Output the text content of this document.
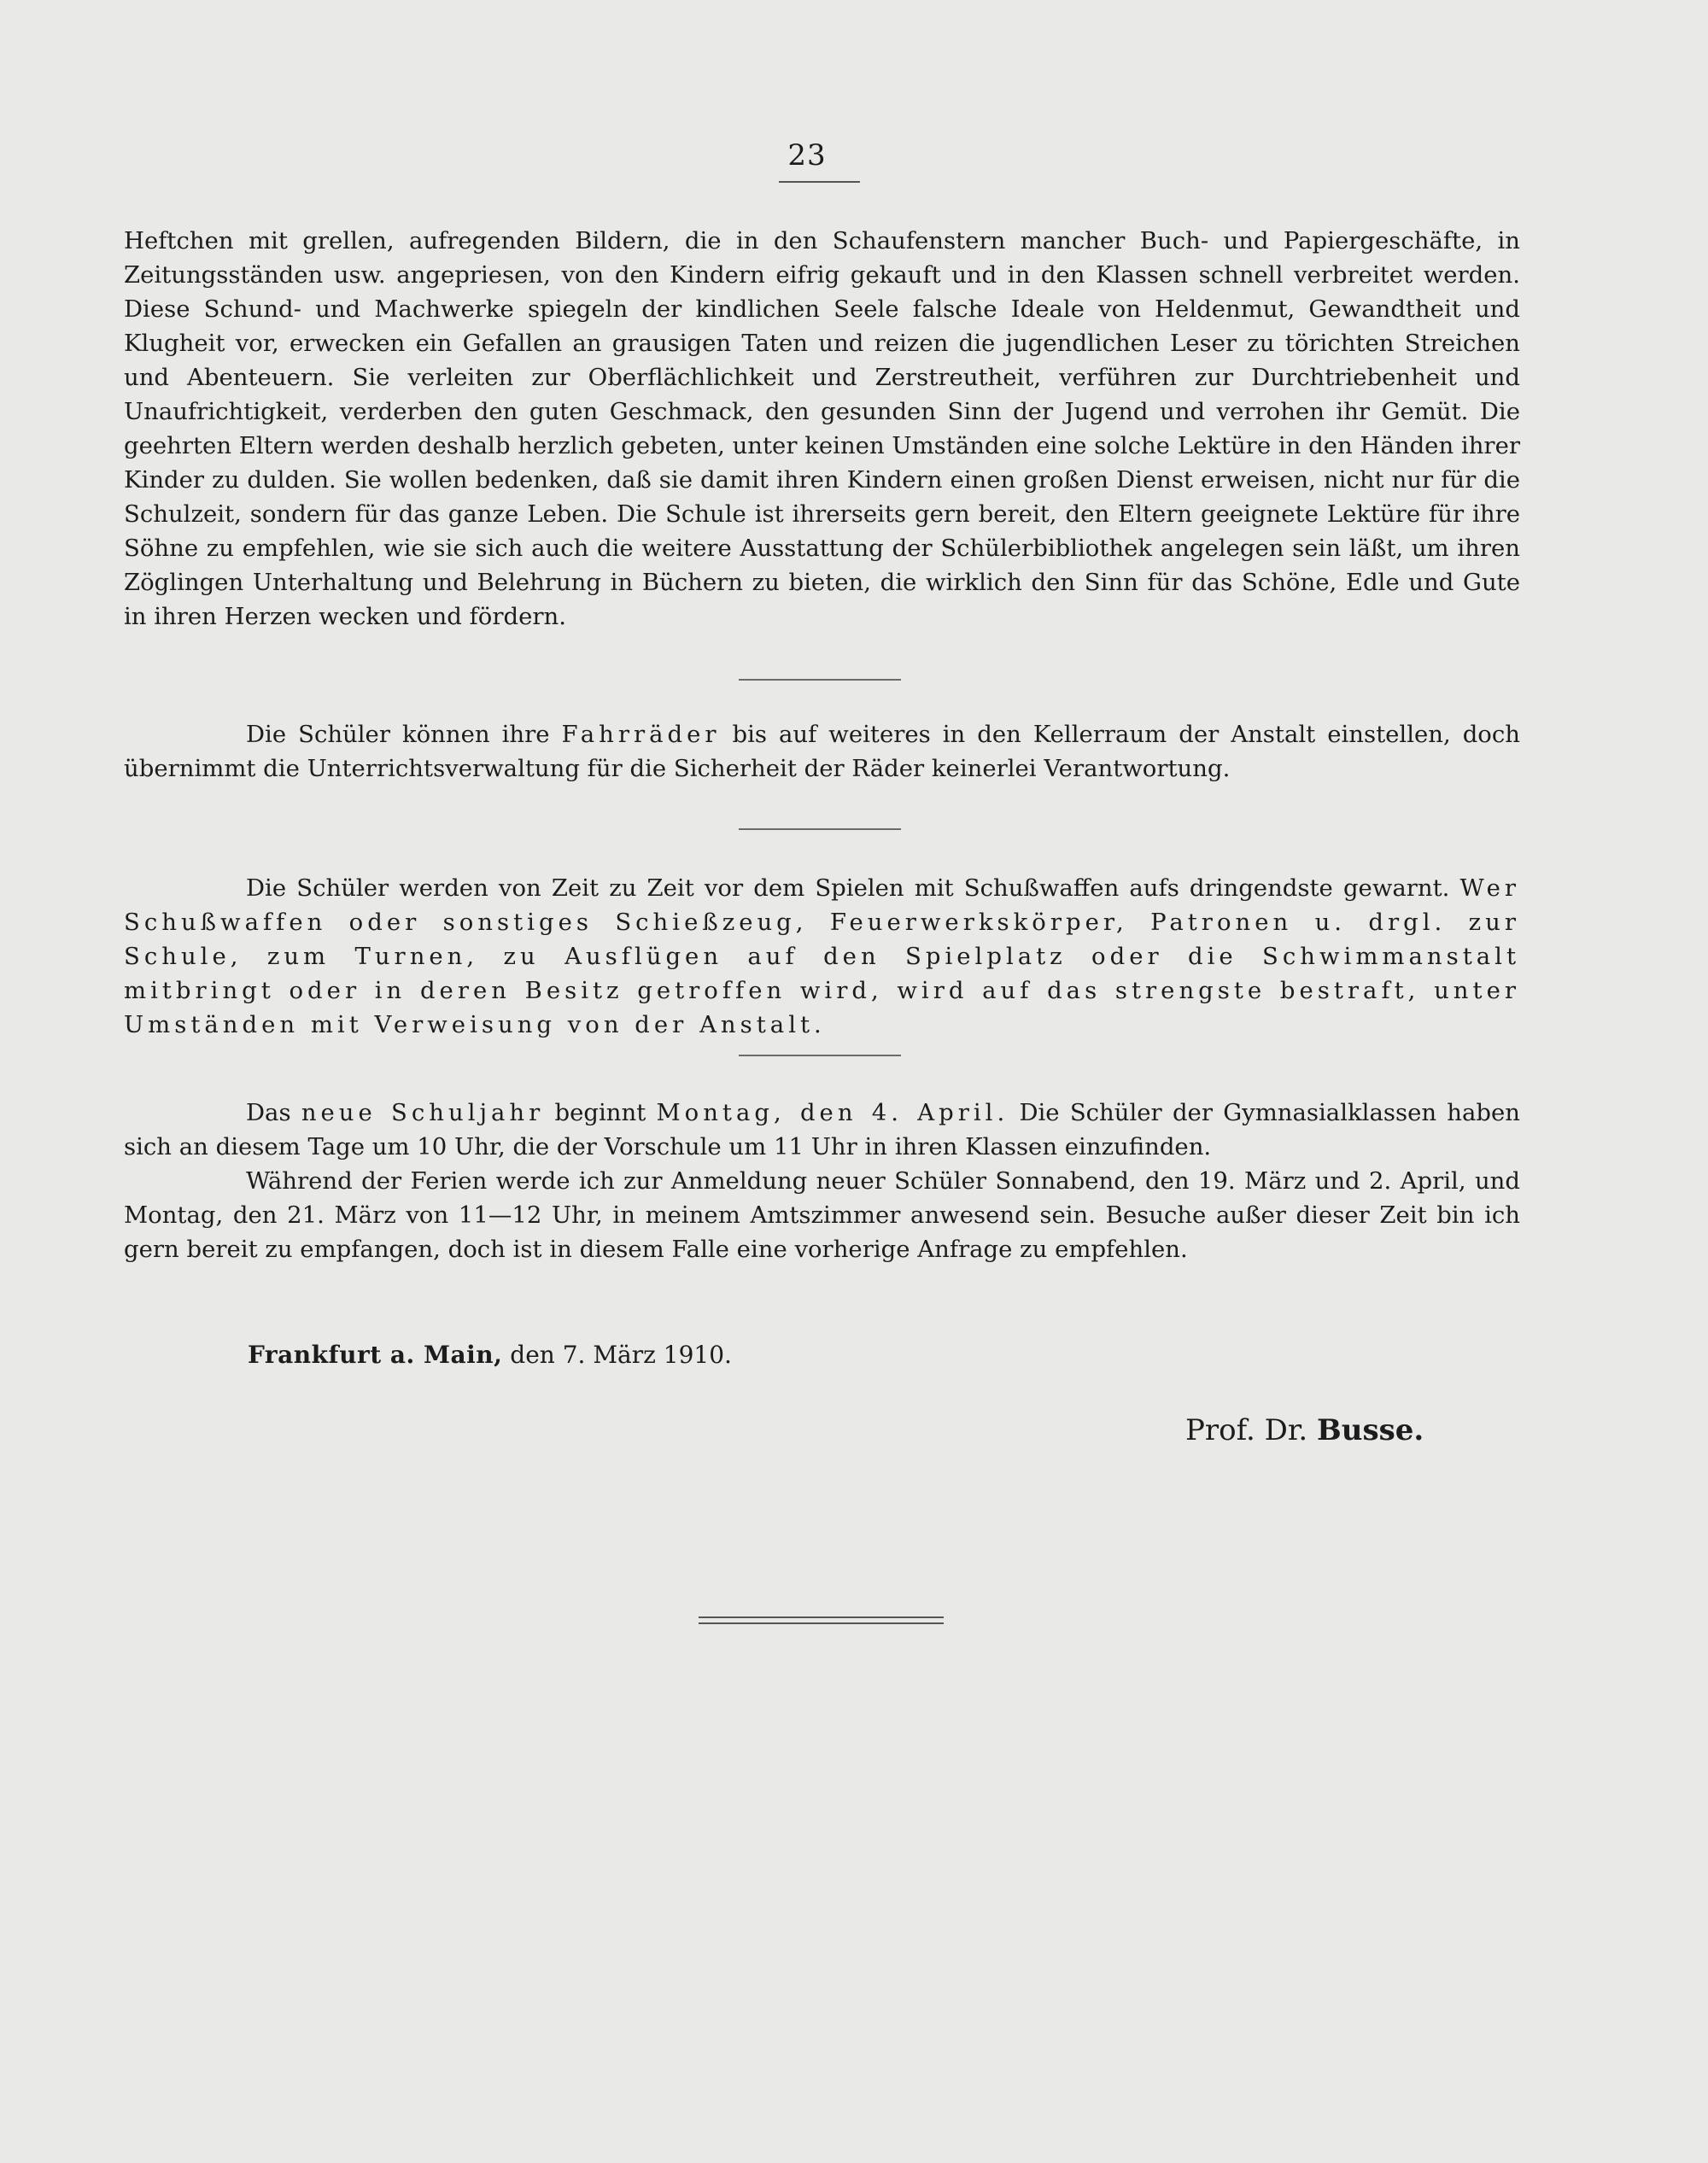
23

Heftchen mit grellen, aufregenden Bildern, die in den Schaufenstern mancher Buch- und Papiergeschäfte, in Zeitungsständen usw. angepriesen, von den Kindern eifrig gekauft und in den Klassen schnell verbreitet werden. Diese Schund- und Machwerke spiegeln der kindlichen Seele falsche Ideale von Heldenmut, Gewandtheit und Klugheit vor, erwecken ein Gefallen an grausigen Taten und reizen die jugendlichen Leser zu törichten Streichen und Abenteuern. Sie verleiten zur Oberflächlichkeit und Zerstreutheit, verführen zur Durchtriebenheit und Unaufrichtigkeit, verderben den guten Geschmack, den gesunden Sinn der Jugend und verrohen ihr Gemüt. Die geehrten Eltern werden deshalb herzlich gebeten, unter keinen Umständen eine solche Lektüre in den Händen ihrer Kinder zu dulden. Sie wollen bedenken, daß sie damit ihren Kindern einen großen Dienst erweisen, nicht nur für die Schulzeit, sondern für das ganze Leben. Die Schule ist ihrerseits gern bereit, den Eltern geeignete Lektüre für ihre Söhne zu empfehlen, wie sie sich auch die weitere Ausstattung der Schülerbibliothek angelegen sein läßt, um ihren Zöglingen Unterhaltung und Belehrung in Büchern zu bieten, die wirklich den Sinn für das Schöne, Edle und Gute in ihren Herzen wecken und fördern.

Die Schüler können ihre Fahrräder bis auf weiteres in den Kellerraum der Anstalt einstellen, doch übernimmt die Unterrichtsverwaltung für die Sicherheit der Räder keinerlei Verantwortung.

Die Schüler werden von Zeit zu Zeit vor dem Spielen mit Schußwaffen aufs dringendste gewarnt. Wer Schußwaffen oder sonstiges Schießzeug, Feuerwerkskörper, Patronen u. drgl. zur Schule, zum Turnen, zu Ausflügen auf den Spielplatz oder die Schwimmanstalt mitbringt oder in deren Besitz getroffen wird, wird auf das strengste bestraft, unter Umständen mit Verweisung von der Anstalt.

Das neue Schuljahr beginnt Montag, den 4. April. Die Schüler der Gymnasialklassen haben sich an diesem Tage um 10 Uhr, die der Vorschule um 11 Uhr in ihren Klassen einzufinden.

Während der Ferien werde ich zur Anmeldung neuer Schüler Sonnabend, den 19. März und 2. April, und Montag, den 21. März von 11—12 Uhr, in meinem Amtszimmer anwesend sein. Besuche außer dieser Zeit bin ich gern bereit zu empfangen, doch ist in diesem Falle eine vorherige Anfrage zu empfehlen.

Frankfurt a. Main, den 7. März 1910.
Prof. Dr. Busse.
